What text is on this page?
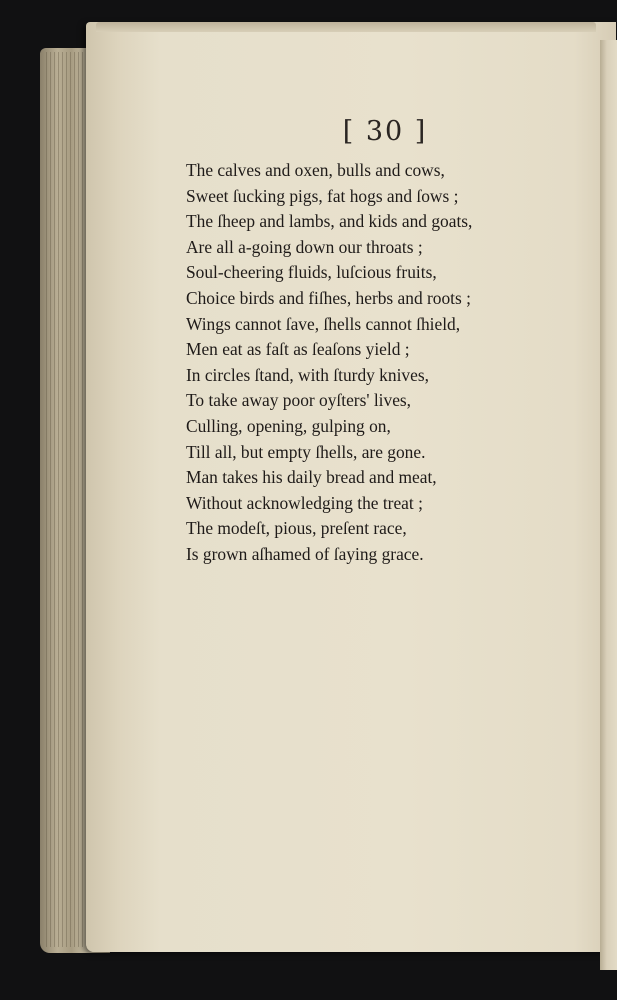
[ 30 ]
The calves and oxen, bulls and cows,
Sweet ſucking pigs, fat hogs and ſows ;
The ſheep and lambs, and kids and goats,
Are all a-going down our throats ;
Soul-cheering fluids, luſcious fruits,
Choice birds and fiſhes, herbs and roots ;
Wings cannot ſave, ſhells cannot ſhield,
Men eat as faſt as ſeaſons yield ;
In circles ſtand, with ſturdy knives,
To take away poor oyſters' lives,
Culling, opening, gulping on,
Till all, but empty ſhells, are gone.
Man takes his daily bread and meat,
Without acknowledging the treat ;
The modeſt, pious, preſent race,
Is grown aſhamed of ſaying grace.
